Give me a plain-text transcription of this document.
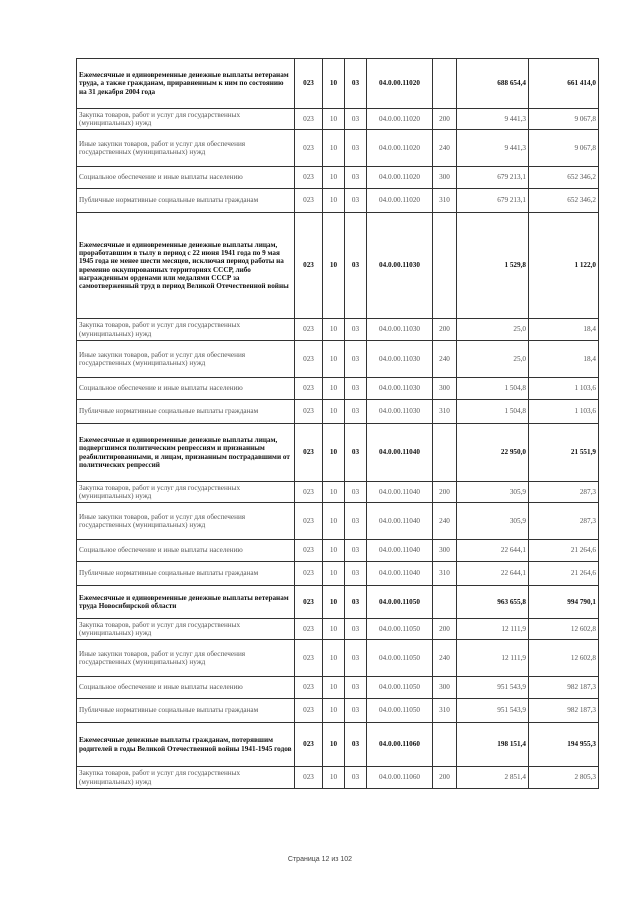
Ежемесячные и единовременные денежные выплаты ветеранам труда, а также гражданам, приравненным к ним по состоянию на 31 декабря 2004 года	023	10	03	04.0.00.11020		688 654,4	661 414,0
Закупка товаров, работ и услуг для государственных (муниципальных) нужд	023	10	03	04.0.00.11020	200	9 441,3	9 067,8
Иные закупки товаров, работ и услуг для обеспечения государственных (муниципальных) нужд	023	10	03	04.0.00.11020	240	9 441,3	9 067,8
Социальное обеспечение и иные выплаты населению	023	10	03	04.0.00.11020	300	679 213,1	652 346,2
Публичные нормативные социальные выплаты гражданам	023	10	03	04.0.00.11020	310	679 213,1	652 346,2
Ежемесячные и единовременные денежные выплаты лицам, проработавшим в тылу в период с 22 июня 1941 года по 9 мая 1945 года не менее шести месяцев, исключая период работы на временно оккупированных территориях СССР, либо награжденным орденами или медалями СССР за самоотверженный труд в период Великой Отечественной войны	023	10	03	04.0.00.11030		1 529,8	1 122,0
Закупка товаров, работ и услуг для государственных (муниципальных) нужд	023	10	03	04.0.00.11030	200	25,0	18,4
Иные закупки товаров, работ и услуг для обеспечения государственных (муниципальных) нужд	023	10	03	04.0.00.11030	240	25,0	18,4
Социальное обеспечение и иные выплаты населению	023	10	03	04.0.00.11030	300	1 504,8	1 103,6
Публичные нормативные социальные выплаты гражданам	023	10	03	04.0.00.11030	310	1 504,8	1 103,6
Ежемесячные и единовременные денежные выплаты лицам, подвергшимся политическим репрессиям и признанным реабилитированными, и лицам, признанным пострадавшими от политических репрессий	023	10	03	04.0.00.11040		22 950,0	21 551,9
Закупка товаров, работ и услуг для государственных (муниципальных) нужд	023	10	03	04.0.00.11040	200	305,9	287,3
Иные закупки товаров, работ и услуг для обеспечения государственных (муниципальных) нужд	023	10	03	04.0.00.11040	240	305,9	287,3
Социальное обеспечение и иные выплаты населению	023	10	03	04.0.00.11040	300	22 644,1	21 264,6
Публичные нормативные социальные выплаты гражданам	023	10	03	04.0.00.11040	310	22 644,1	21 264,6
Ежемесячные и единовременные денежные выплаты ветеранам труда Новосибирской области	023	10	03	04.0.00.11050		963 655,8	994 790,1
Закупка товаров, работ и услуг для государственных (муниципальных) нужд	023	10	03	04.0.00.11050	200	12 111,9	12 602,8
Иные закупки товаров, работ и услуг для обеспечения государственных (муниципальных) нужд	023	10	03	04.0.00.11050	240	12 111,9	12 602,8
Социальное обеспечение и иные выплаты населению	023	10	03	04.0.00.11050	300	951 543,9	982 187,3
Публичные нормативные социальные выплаты гражданам	023	10	03	04.0.00.11050	310	951 543,9	982 187,3
Ежемесячные денежные выплаты гражданам, потерявшим родителей в годы Великой Отечественной войны 1941-1945 годов	023	10	03	04.0.00.11060		198 151,4	194 955,3
Закупка товаров, работ и услуг для государственных (муниципальных) нужд	023	10	03	04.0.00.11060	200	2 851,4	2 805,3
Страница 12 из 102
